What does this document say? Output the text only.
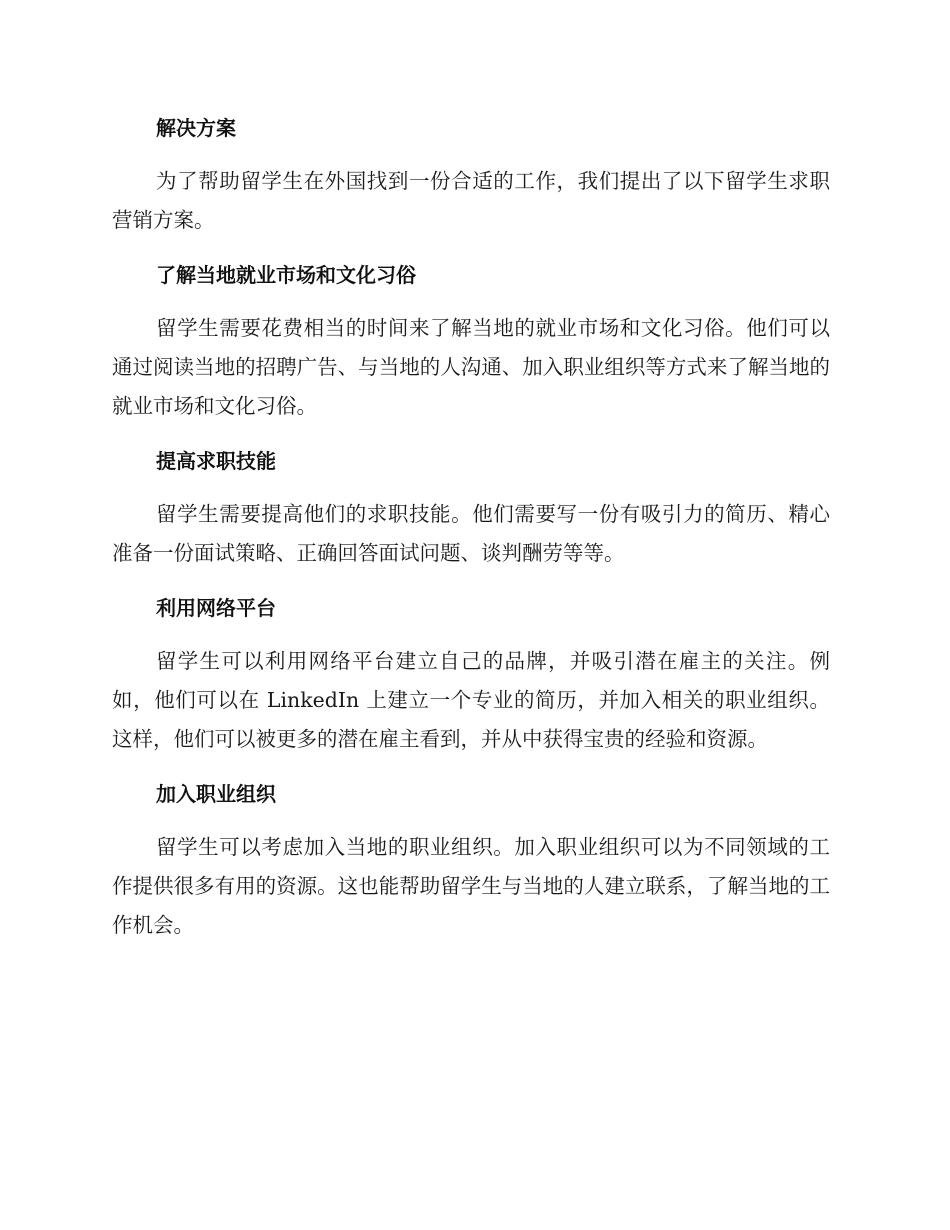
解决方案

为了帮助留学生在外国找到一份合适的工作，我们提出了以下留学生求职营销方案。

了解当地就业市场和文化习俗

留学生需要花费相当的时间来了解当地的就业市场和文化习俗。他们可以通过阅读当地的招聘广告、与当地的人沟通、加入职业组织等方式来了解当地的就业市场和文化习俗。

提高求职技能

留学生需要提高他们的求职技能。他们需要写一份有吸引力的简历、精心准备一份面试策略、正确回答面试问题、谈判酬劳等等。

利用网络平台

留学生可以利用网络平台建立自己的品牌，并吸引潜在雇主的关注。例如，他们可以在 LinkedIn 上建立一个专业的简历，并加入相关的职业组织。这样，他们可以被更多的潜在雇主看到，并从中获得宝贵的经验和资源。

加入职业组织

留学生可以考虑加入当地的职业组织。加入职业组织可以为不同领域的工作提供很多有用的资源。这也能帮助留学生与当地的人建立联系，了解当地的工作机会。
